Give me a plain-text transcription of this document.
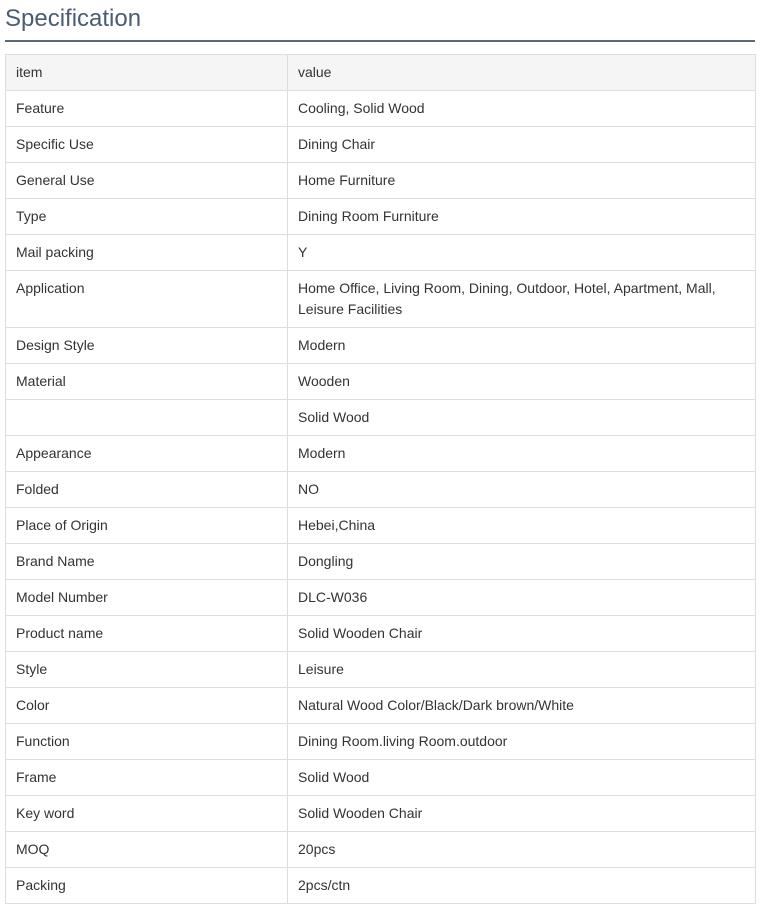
Specification
item	value
Feature	Cooling, Solid Wood
Specific Use	Dining Chair
General Use	Home Furniture
Type	Dining Room Furniture
Mail packing	Y
Application	Home Office, Living Room, Dining, Outdoor, Hotel, Apartment, Mall, Leisure Facilities
Design Style	Modern
Material	Wooden
	Solid Wood
Appearance	Modern
Folded	NO
Place of Origin	Hebei,China
Brand Name	Dongling
Model Number	DLC-W036
Product name	Solid Wooden Chair
Style	Leisure
Color	Natural Wood Color/Black/Dark brown/White
Function	Dining Room.living Room.outdoor
Frame	Solid Wood
Key word	Solid Wooden Chair
MOQ	20pcs
Packing	2pcs/ctn
